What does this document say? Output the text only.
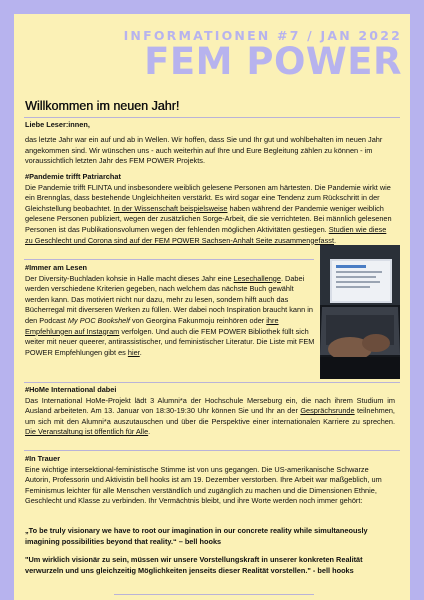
INFORMATIONEN #7 / JAN 2022
FEM POWER
Willkommen im neuen Jahr!
Liebe Leser:innen,
das letzte Jahr war ein auf und ab in Wellen. Wir hoffen, dass Sie und Ihr gut und wohlbehalten im neuen Jahr angekommen sind. Wir wünschen uns - auch weiterhin auf Ihre und Eure Begleitung zählen zu können - im voraussichtlich letzten Jahr des FEM POWER Projekts.
#Pandemie trifft Patriarchat
Die Pandemie trifft FLINTA und insbesondere weiblich gelesene Personen am härtesten. Die Pandemie wirkt wie ein Brennglas, dass bestehende Ungleichheiten verstärkt. Es wird sogar eine Tendenz zum Rückschritt in der Gleichstellung beobachtet. In der Wissenschaft beispielsweise haben während der Pandemie weniger weiblich gelesene Personen publiziert, wegen der zusätzlichen Sorge-Arbeit, die sie verrichteten. Bei männlich gelesenen Personen ist das Publikationsvolumen wegen der fehlenden möglichen Aktivitäten gestiegen. Studien wie diese zu Geschlecht und Corona sind auf der FEM POWER Sachsen-Anhalt Seite zusammengefasst.
#Immer am Lesen
Der Diversity-Buchladen kohsie in Halle macht dieses Jahr eine Lesechallenge. Dabei werden verschiedene Kriterien gegeben, nach welchem das nächste Buch gewählt werden kann. Das motiviert nicht nur dazu, mehr zu lesen, sondern hilft auch das Bücherregal mit diverseren Werken zu füllen. Wer dabei noch Inspiration braucht kann in den Podcast My POC Bookshelf von Georgina Fakunmoju reinhören oder ihre Empfehlungen auf Instagram verfolgen. Und auch die FEM POWER Bibliothek füllt sich weiter mit neuer queerer, antirassistischer, und feministischer Literatur. Die Liste mit FEM POWER Empfehlungen gibt es hier.
#HoMe International dabei
Das International HoMe-Projekt lädt 3 Alumni*a der Hochschule Merseburg ein, die nach ihrem Studium im Ausland arbeiteten. Am 13. Januar von 18:30-19:30 Uhr können Sie und Ihr an der Gesprächsrunde teilnehmen, um sich mit den Alumni*a auszutauschen und über die Perspektive einer internationalen Karriere zu sprechen. Die Veranstaltung ist öffentlich für Alle.
#In Trauer
Eine wichtige intersektional-feministische Stimme ist von uns gegangen. Die US-amerikanische Schwarze Autorin, Professorin und Aktivistin bell hooks ist am 19. Dezember verstorben. Ihre Arbeit war maßgeblich, um Feminismus leichter für alle Menschen verständlich und zugänglich zu machen und die Dimensionen Ethnie, Geschlecht und Klasse zu verbinden. Ihr Vermächtnis bleibt, und ihre Worte werden noch immer gehört:
„To be truly visionary we have to root our imagination in our concrete reality while simultaneously imagining possibilities beyond that reality.“ – bell hooks
"Um wirklich visionär zu sein, müssen wir unsere Vorstellungskraft in unserer konkreten Realität verwurzeln und uns gleichzeitig Möglichkeiten jenseits dieser Realität vorstellen." - bell hooks
